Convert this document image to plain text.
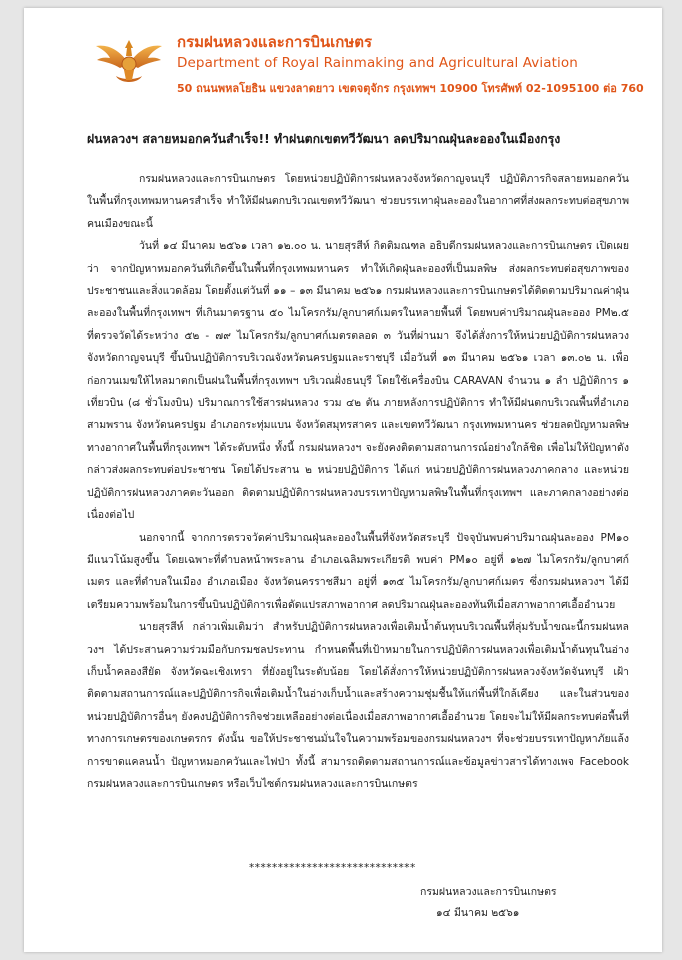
กรมฝนหลวงและการบินเกษตร
Department of Royal Rainmaking and Agricultural Aviation
50 ถนนพหลโยธิน แขวงลาดยาว เขตจตุจักร กรุงเทพฯ 10900 โทรศัพท์ 02-1095100 ต่อ 760
ฝนหลวงฯ สลายหมอกควันสำเร็จ!! ทำฝนตกเขตทวีวัฒนา ลดปริมาณฝุ่นละอองในเมืองกรุง

กรมฝนหลวงและการบินเกษตร โดยหน่วยปฏิบัติการฝนหลวงจังหวัดกาญจนบุรี ปฏิบัติภารกิจสลายหมอกควันในพื้นที่กรุงเทพมหานครสำเร็จ ทำให้มีฝนตกบริเวณเขตทวีวัฒนา ช่วยบรรเทาฝุ่นละอองในอากาศที่ส่งผลกระทบต่อสุขภาพคนเมืองขณะนี้

วันที่ ๑๔ มีนาคม ๒๕๖๑ เวลา ๑๒.๐๐ น. นายสุรสีห์ กิตติมณฑล อธิบดีกรมฝนหลวงและการบินเกษตร เปิดเผยว่า จากปัญหาหมอกควันที่เกิดขึ้นในพื้นที่กรุงเทพมหานคร ทำให้เกิดฝุ่นละอองที่เป็นมลพิษ ส่งผลกระทบต่อสุขภาพของประชาชนและสิ่งแวดล้อม โดยตั้งแต่วันที่ ๑๑ – ๑๓ มีนาคม ๒๕๖๑ กรมฝนหลวงและการบินเกษตรได้ติดตามปริมาณค่าฝุ่นละอองในพื้นที่กรุงเทพฯ ที่เกินมาตรฐาน ๕๐ ไมโครกรัม/ลูกบาศก์เมตรในหลายพื้นที่ โดยพบค่าปริมาณฝุ่นละออง PM๒.๕ ที่ตรวจวัดได้ระหว่าง ๕๒ - ๗๙ ไมโครกรัม/ลูกบาศก์เมตรตลอด ๓ วันที่ผ่านมา จึงได้สั่งการให้หน่วยปฏิบัติการฝนหลวงจังหวัดกาญจนบุรี ขึ้นบินปฏิบัติการบริเวณจังหวัดนครปฐมและราชบุรี เมื่อวันที่ ๑๓ มีนาคม ๒๕๖๑ เวลา ๑๓.๐๒ น. เพื่อก่อกวนเมฆให้ไหลมาตกเป็นฝนในพื้นที่กรุงเทพฯ บริเวณฝั่งธนบุรี โดยใช้เครื่องบิน CARAVAN จำนวน ๑ ลำ ปฏิบัติการ ๑ เที่ยวบิน (๘ ชั่วโมงบิน) ปริมาณการใช้สารฝนหลวง รวม ๔๒ ตัน ภายหลังการปฏิบัติการ ทำให้มีฝนตกบริเวณพื้นที่อำเภอสามพราน จังหวัดนครปฐม อำเภอกระทุ่มแบน จังหวัดสมุทรสาคร และเขตทวีวัฒนา กรุงเทพมหานคร ช่วยลดปัญหามลพิษทางอากาศในพื้นที่กรุงเทพฯ ได้ระดับหนึ่ง ทั้งนี้ กรมฝนหลวงฯ จะยังคงติดตามสถานการณ์อย่างใกล้ชิด เพื่อไม่ให้ปัญหาดังกล่าวส่งผลกระทบต่อประชาชน โดยได้ประสาน ๒ หน่วยปฏิบัติการ ได้แก่ หน่วยปฏิบัติการฝนหลวงภาคกลาง และหน่วยปฏิบัติการฝนหลวงภาคตะวันออก ติดตามปฏิบัติการฝนหลวงบรรเทาปัญหามลพิษในพื้นที่กรุงเทพฯ และภาคกลางอย่างต่อเนื่องต่อไป

นอกจากนี้ จากการตรวจวัดค่าปริมาณฝุ่นละอองในพื้นที่จังหวัดสระบุรี ปัจจุบันพบค่าปริมาณฝุ่นละออง PM๑๐ มีแนวโน้มสูงขึ้น โดยเฉพาะที่ตำบลหน้าพระลาน อำเภอเฉลิมพระเกียรติ พบค่า PM๑๐ อยู่ที่ ๑๒๗ ไมโครกรัม/ลูกบาศก์เมตร และที่ตำบลในเมือง อำเภอเมือง จังหวัดนครราชสีมา อยู่ที่ ๑๓๕ ไมโครกรัม/ลูกบาศก์เมตร ซึ่งกรมฝนหลวงฯ ได้มีเตรียมความพร้อมในการขึ้นบินปฏิบัติการเพื่อดัดแปรสภาพอากาศ ลดปริมาณฝุ่นละอองทันทีเมื่อสภาพอากาศเอื้ออำนวย

นายสุรสีห์ กล่าวเพิ่มเติมว่า สำหรับปฏิบัติการฝนหลวงเพื่อเติมน้ำต้นทุนบริเวณพื้นที่ลุ่มรับน้ำขณะนี้กรมฝนหลวงฯ ได้ประสานความร่วมมือกับกรมชลประทาน กำหนดพื้นที่เป้าหมายในการปฏิบัติการฝนหลวงเพื่อเติมน้ำต้นทุนในอ่างเก็บน้ำคลองสียัด จังหวัดฉะเชิงเทรา ที่ยังอยู่ในระดับน้อย โดยได้สั่งการให้หน่วยปฏิบัติการฝนหลวงจังหวัดจันทบุรี เฝ้าติดตามสถานการณ์และปฏิบัติการกิจเพื่อเติมน้ำในอ่างเก็บน้ำและสร้างความชุ่มชื้นให้แก่พื้นที่ใกล้เคียง และในส่วนของหน่วยปฏิบัติการอื่นๆ ยังคงปฏิบัติการกิจช่วยเหลืออย่างต่อเนื่องเมื่อสภาพอากาศเอื้ออำนวย โดยจะไม่ให้มีผลกระทบต่อพื้นที่ทางการเกษตรของเกษตรกร ดังนั้น ขอให้ประชาชนมั่นใจในความพร้อมของกรมฝนหลวงฯ ที่จะช่วยบรรเทาปัญหาภัยแล้ง การขาดแคลนน้ำ ปัญหาหมอกควันและไฟป่า ทั้งนี้ สามารถติดตามสถานการณ์และข้อมูลข่าวสารได้ทางเพจ Facebook กรมฝนหลวงและการบินเกษตร หรือเว็บไซต์กรมฝนหลวงและการบินเกษตร

*****************************
กรมฝนหลวงและการบินเกษตร
๑๔ มีนาคม ๒๕๖๑
